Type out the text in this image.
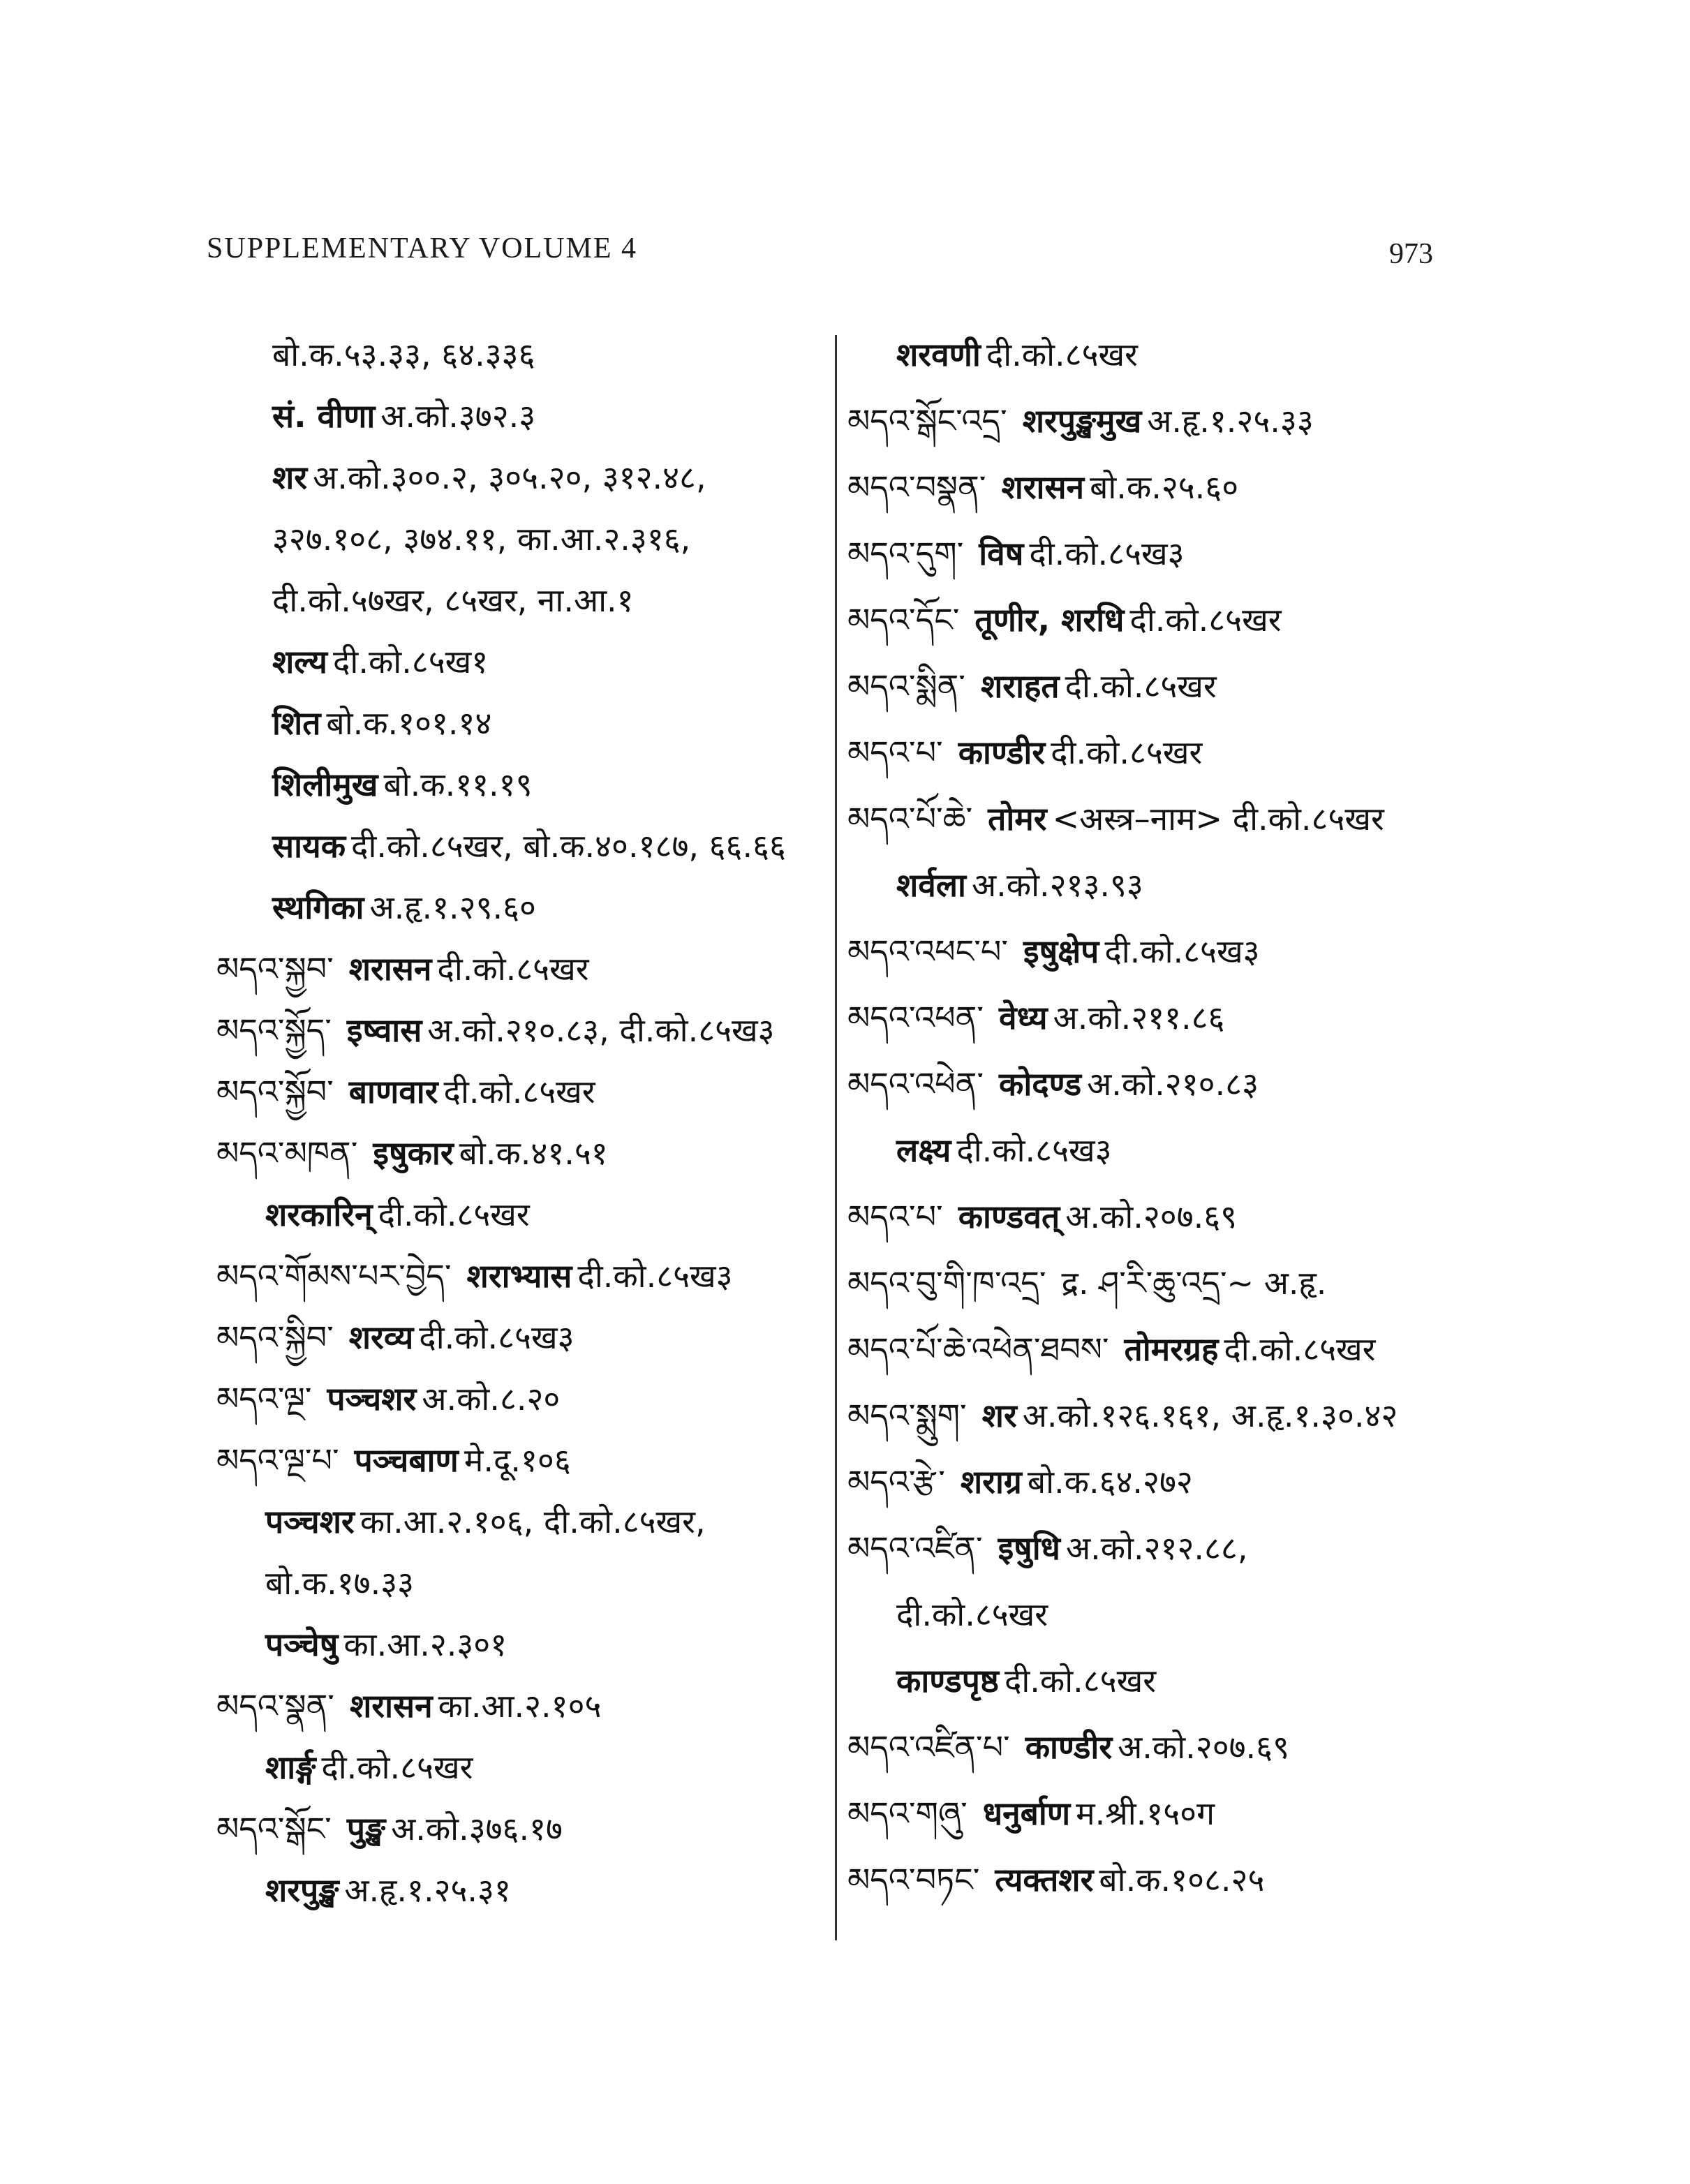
SUPPLEMENTARY VOLUME 4	973
बो.क.५३.३३, ६४.३३६
सं. वीणा अ.को.३७२.३
शर अ.को.३००.२, ३०५.२०, ३१२.४८,
३२७.१०८, ३७४.११, का.आ.२.३१६,
दी.को.५७खर, ८५खर, ना.आ.१
शल्य दी.को.८५ख१
शित बो.क.१०१.१४
शिलीमुख बो.क.११.१९
सायक दी.को.८५खर, बो.क.४०.१८७, ६६.६६
स्थगिका अ.हृ.१.२९.६०
མདའ་སྐྱབ་ शरासन दी.को.८५खर
མདའ་སྐྱོད་ इष्वास अ.को.२१०.८३, दी.को.८५ख३
མདའ་སྐྱོབ་ बाणवार दी.को.८५खर
མདའ་མཁན་ इषुकार बो.क.४१.५१
शरकारिन् दी.को.८५खर
མདའ་གོམས་པར་བྱེད་ शराभ्यास दी.को.८५ख३
མདའ་སྐྱིབ་ शरव्य दी.को.८५ख३
མདའ་ལྔ་ पञ्चशर अ.को.८.२०
མདའ་ལྔ་པ་ पञ्चबाण मे.दू.१०६
पञ्चशर का.आ.२.१०६, दी.को.८५खर,
बो.क.१७.३३
पञ्चेषु का.आ.२.३०१
མདའ་སྣན་ शरासन का.आ.२.१०५
शार्ङ्ग दी.को.८५खर
མདའ་སྒོང་ पुङ्ख अ.को.३७६.१७
शरपुङ्ख अ.हृ.१.२५.३१
शरवणी दी.को.८५खर
མདའ་སྒོང་འདྲ་ शरपुङ्खमुख अ.हृ.१.२५.३३
མདའ་བསྣན་ शरासन बो.क.२५.६०
མདའ་དུག་ विष दी.को.८५ख३
མདའ་དོང་ तूणीर, शरधि दी.को.८५खर
མདའ་སྨིན་ शराहत दी.को.८५खर
མདའ་པ་ काण्डीर दी.को.८५खर
མདའ་པོ་ཆེ་ तोमर <अस्त्र–नाम> दी.को.८५खर
शर्वला अ.को.२१३.९३
མདའ་འཕང་པ་ इषुक्षेप दी.को.८५ख३
མདའ་འཕན་ वेध्य अ.को.२११.८६
མདའ་འཕེན་ कोदण्ड अ.को.२१०.८३
लक्ष्य दी.को.८५ख३
མདའ་པ་ काण्डवत् अ.को.२०७.६९
མདའ་བུ་གི་ཁ་འདྲ་ द्र. ཤ་རི་ཆུ་འདྲ་~ अ.हृ.
མདའ་པོ་ཆེ་འཕེན་ཐབས་ तोमरग्रह दी.को.८५खर
མདའ་སྨུག་ शर अ.को.१२६.१६१, अ.हृ.१.३०.४२
མདའ་རྩེ་ शराग्र बो.क.६४.२७२
མདའ་འཛིན་ इषुधि अ.को.२१२.८८,
दी.को.८५खर
काण्डपृष्ठ दी.को.८५खर
མདའ་འཛིན་པ་ काण्डीर अ.को.२०७.६९
མདའ་གཞུ་ धनुर्बाण म.श्री.१५०ग
མདའ་བཏང་ त्यक्तशर बो.क.१०८.२५
